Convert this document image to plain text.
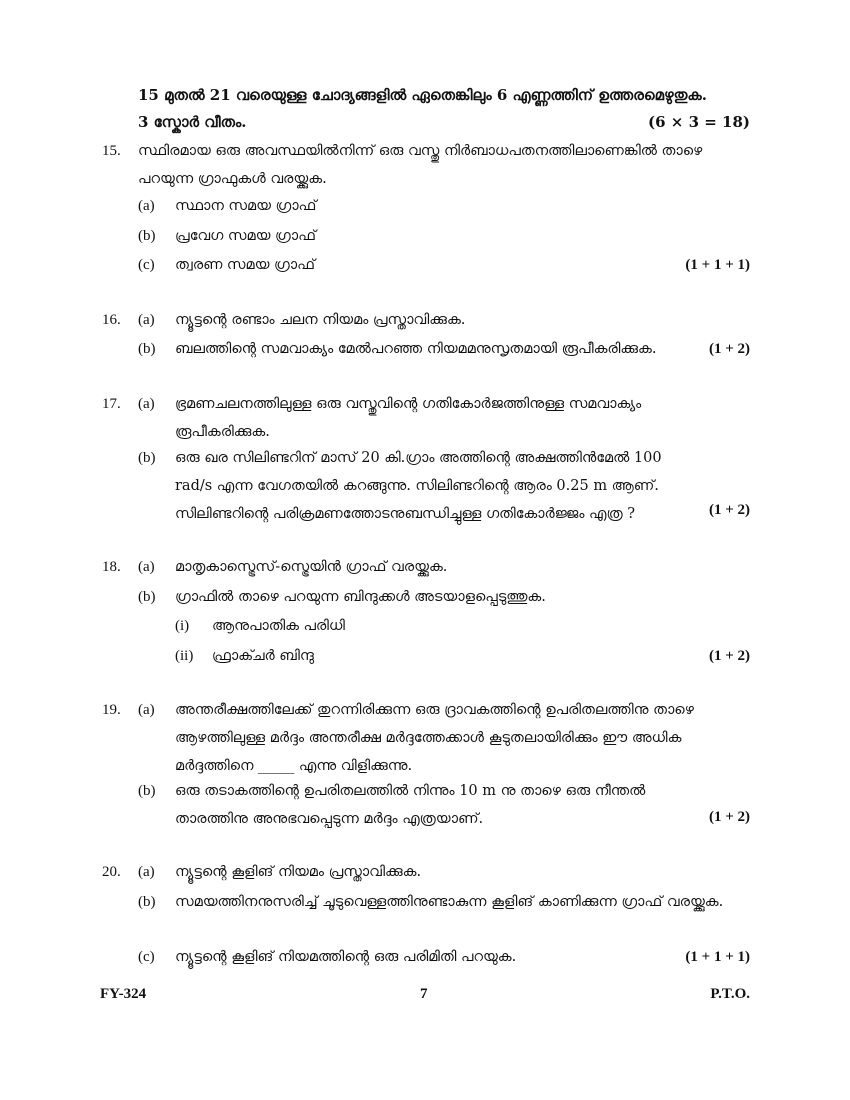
15 മുതൽ 21 വരെയുള്ള ചോദ്യങ്ങളിൽ ഏതെങ്കിലും 6 എണ്ണത്തിന് ഉത്തരമെഴുതുക.
3 സ്കോർ വീതം.	(6 × 3 = 18)
15. സ്ഥിരമായ ഒരു അവസ്ഥയിൽനിന്ന് ഒരു വസ്തു നിർബാധപതനത്തിലാണെങ്കിൽ താഴെ പറയുന്ന ഗ്രാഫുകൾ വരയ്ക്കുക.
(a) സ്ഥാന സമയ ഗ്രാഫ്
(b) പ്രവേഗ സമയ ഗ്രാഫ്
(c) ത്വരണ സമയ ഗ്രാഫ്	(1 + 1 + 1)
16. (a) ന്യൂട്ടന്റെ രണ്ടാം ചലന നിയമം പ്രസ്താവിക്കുക.
(b) ബലത്തിന്റെ സമവാക്യം മേൽപറഞ്ഞ നിയമമനുസൃതമായി രൂപീകരിക്കുക.	(1 + 2)
17. (a) ഭ്രമണചലനത്തിലുള്ള ഒരു വസ്തുവിന്റെ ഗതികോർജത്തിനുള്ള സമവാക്യം രൂപീകരിക്കുക.
(b) ഒരു ഖര സിലിണ്ടറിന് മാസ് 20 കി.ഗ്രാം അത്തിന്റെ അക്ഷത്തിൻമേൽ 100 rad/s എന്ന വേഗതയിൽ കറങ്ങുന്നു. സിലിണ്ടറിന്റെ ആരം 0.25 m ആണ്. സിലിണ്ടറിന്റെ പരിക്രമണത്തോടനുബന്ധിച്ചുള്ള ഗതികോർജ്ജം എത്ര ?	(1 + 2)
18. (a) മാതൃകാസ്ട്രെസ്-സ്ട്രെയിൻ ഗ്രാഫ് വരയ്ക്കുക.
(b) ഗ്രാഫിൽ താഴെ പറയുന്ന ബിന്ദുക്കൾ അടയാളപ്പെടുത്തുക.
(i) ആനുപാതിക പരിധി
(ii) ഫ്രാക്ചർ ബിന്ദു	(1 + 2)
19. (a) അന്തരീക്ഷത്തിലേക്ക് തുറന്നിരിക്കുന്ന ഒരു ദ്രാവകത്തിന്റെ ഉപരിതലത്തിനു താഴെ ആഴത്തിലുള്ള മർദ്ദം അന്തരീക്ഷ മർദ്ദത്തേക്കാൾ കൂടുതലായിരിക്കും ഈ അധിക മർദ്ദത്തിനെ _____ എന്നു വിളിക്കുന്നു.
(b) ഒരു തടാകത്തിന്റെ ഉപരിതലത്തിൽ നിന്നും 10 m നു താഴെ ഒരു നീന്തൽ താരത്തിനു അനുഭവപ്പെടുന്ന മർദ്ദം എത്രയാണ്.	(1 + 2)
20. (a) ന്യൂട്ടന്റെ കൂളിങ് നിയമം പ്രസ്താവിക്കുക.
(b) സമയത്തിനനുസരിച്ച് ചൂടുവെള്ളത്തിനുണ്ടാകുന്ന കൂളിങ് കാണിക്കുന്ന ഗ്രാഫ് വരയ്ക്കുക.
(c) ന്യൂട്ടന്റെ കൂളിങ് നിയമത്തിന്റെ ഒരു പരിമിതി പറയുക.	(1 + 1 + 1)
FY-324	7	P.T.O.
